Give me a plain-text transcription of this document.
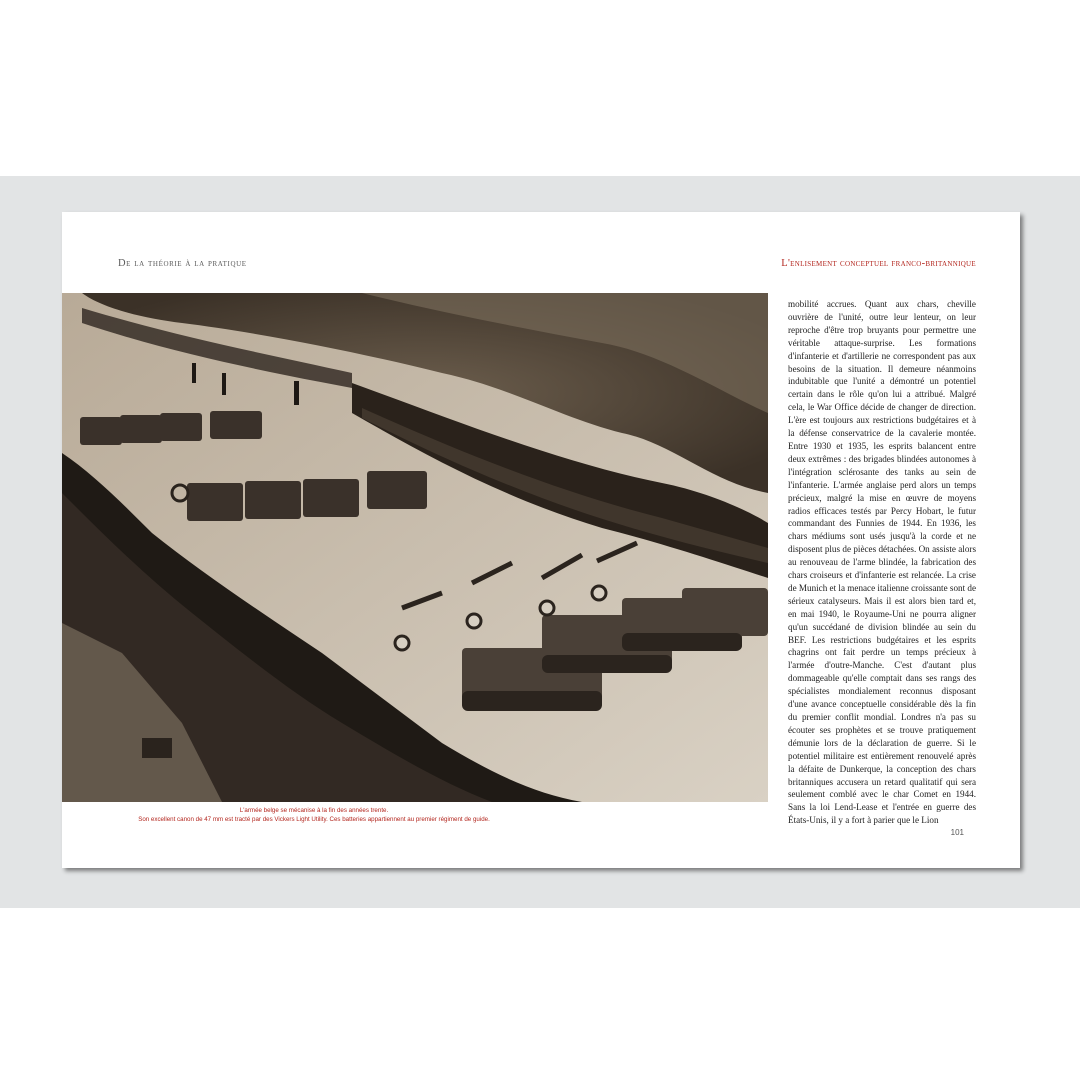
De la théorie à la pratique	L'enlisement conceptuel franco-britannique
L'armée belge se mécanise à la fin des années trente.
Son excellent canon de 47 mm est tracté par des Vickers Light Utility. Ces batteries appartiennent au premier régiment de guide.

mobilité accrues. Quant aux chars, cheville ouvrière de l'unité, outre leur lenteur, on leur reproche d'être trop bruyants pour permettre une véritable attaque-surprise. Les formations d'infanterie et d'artillerie ne correspondent pas aux besoins de la situation. Il demeure néanmoins indubitable que l'unité a démontré un potentiel certain dans le rôle qu'on lui a attribué. Malgré cela, le War Office décide de changer de direction. L'ère est toujours aux restrictions budgétaires et à la défense conservatrice de la cavalerie montée. Entre 1930 et 1935, les esprits balancent entre deux extrêmes : des brigades blindées autonomes à l'intégration sclérosante des tanks au sein de l'infanterie. L'armée anglaise perd alors un temps précieux, malgré la mise en œuvre de moyens radios efficaces testés par Percy Hobart, le futur commandant des Funnies de 1944. En 1936, les chars médiums sont usés jusqu'à la corde et ne disposent plus de pièces détachées. On assiste alors au renouveau de l'arme blindée, la fabrication des chars croiseurs et d'infanterie est relancée. La crise de Munich et la menace italienne croissante sont de sérieux catalyseurs. Mais il est alors bien tard et, en mai 1940, le Royaume-Uni ne pourra aligner qu'un succédané de division blindée au sein du BEF. Les restrictions budgétaires et les esprits chagrins ont fait perdre un temps précieux à l'armée d'outre-Manche. C'est d'autant plus dommageable qu'elle comptait dans ses rangs des spécialistes mondialement reconnus disposant d'une avance conceptuelle considérable dès la fin du premier conflit mondial. Londres n'a pas su écouter ses prophètes et se trouve pratiquement démunie lors de la déclaration de guerre. Si le potentiel militaire est entièrement renouvelé après la défaite de Dunkerque, la conception des chars britanniques accusera un retard qualitatif qui sera seulement comblé avec le char Comet en 1944. Sans la loi Lend-Lease et l'entrée en guerre des États-Unis, il y a fort à parier que le Lion

101
